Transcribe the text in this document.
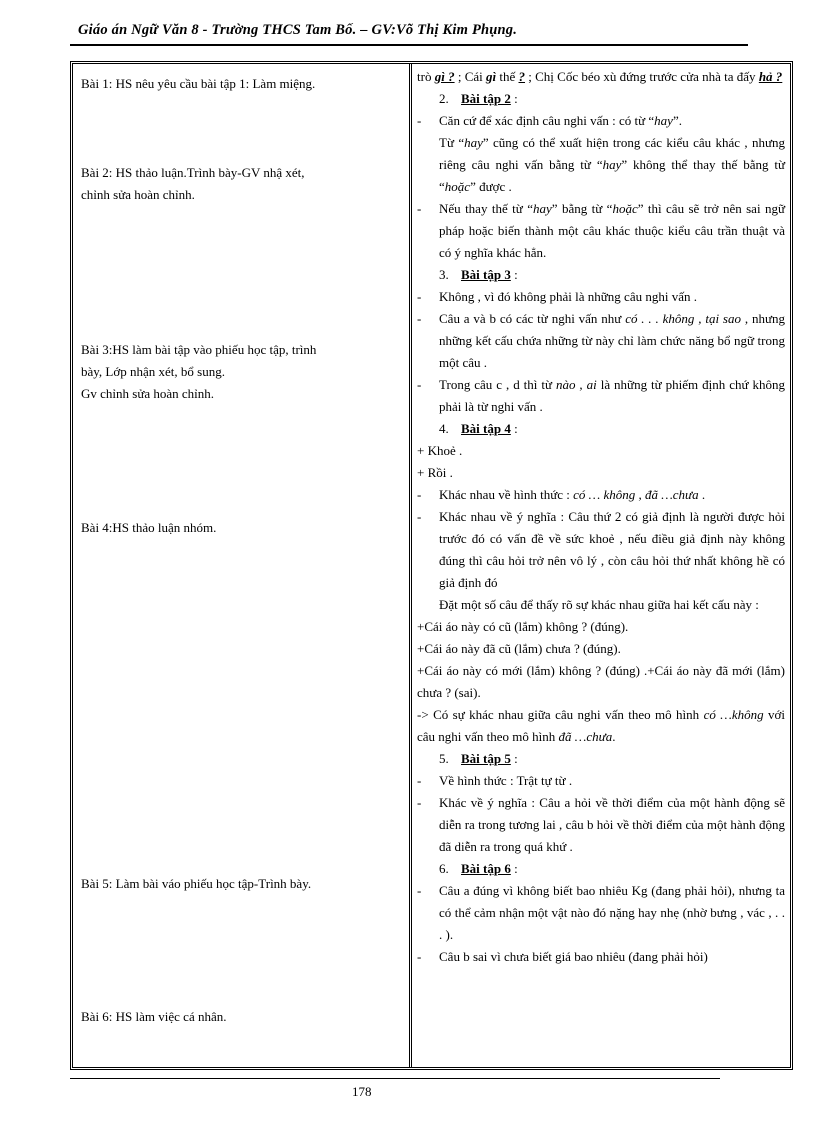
Giáo án Ngữ Văn 8 - Trường THCS Tam Bố. – GV:Võ Thị Kim Phụng.
Bài 1: HS nêu yêu cầu bài tập 1: Làm miệng.
Bài 2: HS thảo luận.Trình bày-GV nhậ xét,
chỉnh sửa hoàn chỉnh.
Bài 3:HS làm bài tập vào phiếu học tập, trình
bày, Lớp nhận xét, bổ sung.
Gv chỉnh sửa hoàn chỉnh.
Bài 4:HS thảo luận nhóm.
Bài 5: Làm bài váo phiếu học tập-Trình bày.
Bài 6: HS làm việc cá nhân.

trò gì ? ; Cái gì thế ? ; Chị Cốc béo xù đứng trước cửa nhà ta đấy hả ?

2. Bài tập 2 :
- Căn cứ để xác định câu nghi vấn : có từ “hay”.
Từ “hay” cũng có thể xuất hiện trong các kiểu câu khác , nhưng riêng câu nghi vấn bằng từ “hay” không thể thay thế bằng từ “hoặc” được .
- Nếu thay thế từ “hay” bằng từ “hoặc” thì câu sẽ trở nên sai ngữ pháp hoặc biến thành một câu khác thuộc kiểu câu trần thuật và có ý nghĩa khác hẳn.
3. Bài tập 3 :
- Không , vì đó không phải là những câu nghi vấn .
- Câu a và b có các từ nghi vấn như có . . . không , tại sao , nhưng những kết cấu chứa những từ này chỉ làm chức năng bổ ngữ trong một câu .
- Trong câu c , d thì từ nào , ai là những từ phiếm định chứ không phải là từ nghi vấn .
4. Bài tập 4 :

+ Khoẻ .

+ Rồi .

- Khác nhau về hình thức : có … không , đã …chưa .
- Khác nhau về ý nghĩa : Câu thứ 2 có giả định là người được hỏi trước đó có vấn đề về sức khoẻ , nếu điều giả định này không đúng thì câu hỏi trở nên vô lý , còn câu hỏi thứ nhất không hề có giả định đó
Đặt một số câu để thấy rõ sự khác nhau giữa hai kết cấu này :

+Cái áo này có cũ (lắm) không ? (đúng).

+Cái áo này đã cũ (lắm) chưa ? (đúng).

+Cái áo này có mới (lắm) không ? (đúng) .+Cái áo này đã mới (lắm) chưa ? (sai).

-> Có sự khác nhau giữa câu nghi vấn theo mô hình có …không với câu nghi vấn theo mô hình đã …chưa.

5. Bài tập 5 :
- Về hình thức : Trật tự từ .
- Khác về ý nghĩa : Câu a hỏi về thời điểm của một hành động sẽ diễn ra trong tương lai , câu b hỏi về thời điểm của một hành động đã diễn ra trong quá khứ .
6. Bài tập 6 :
- Câu a đúng vì không biết bao nhiêu Kg (đang phải hỏi), nhưng ta có thể cảm nhận một vật nào đó nặng hay nhẹ (nhờ bưng , vác , . . . ).
- Câu b sai vì chưa biết giá bao nhiêu (đang phải hỏi)
178
